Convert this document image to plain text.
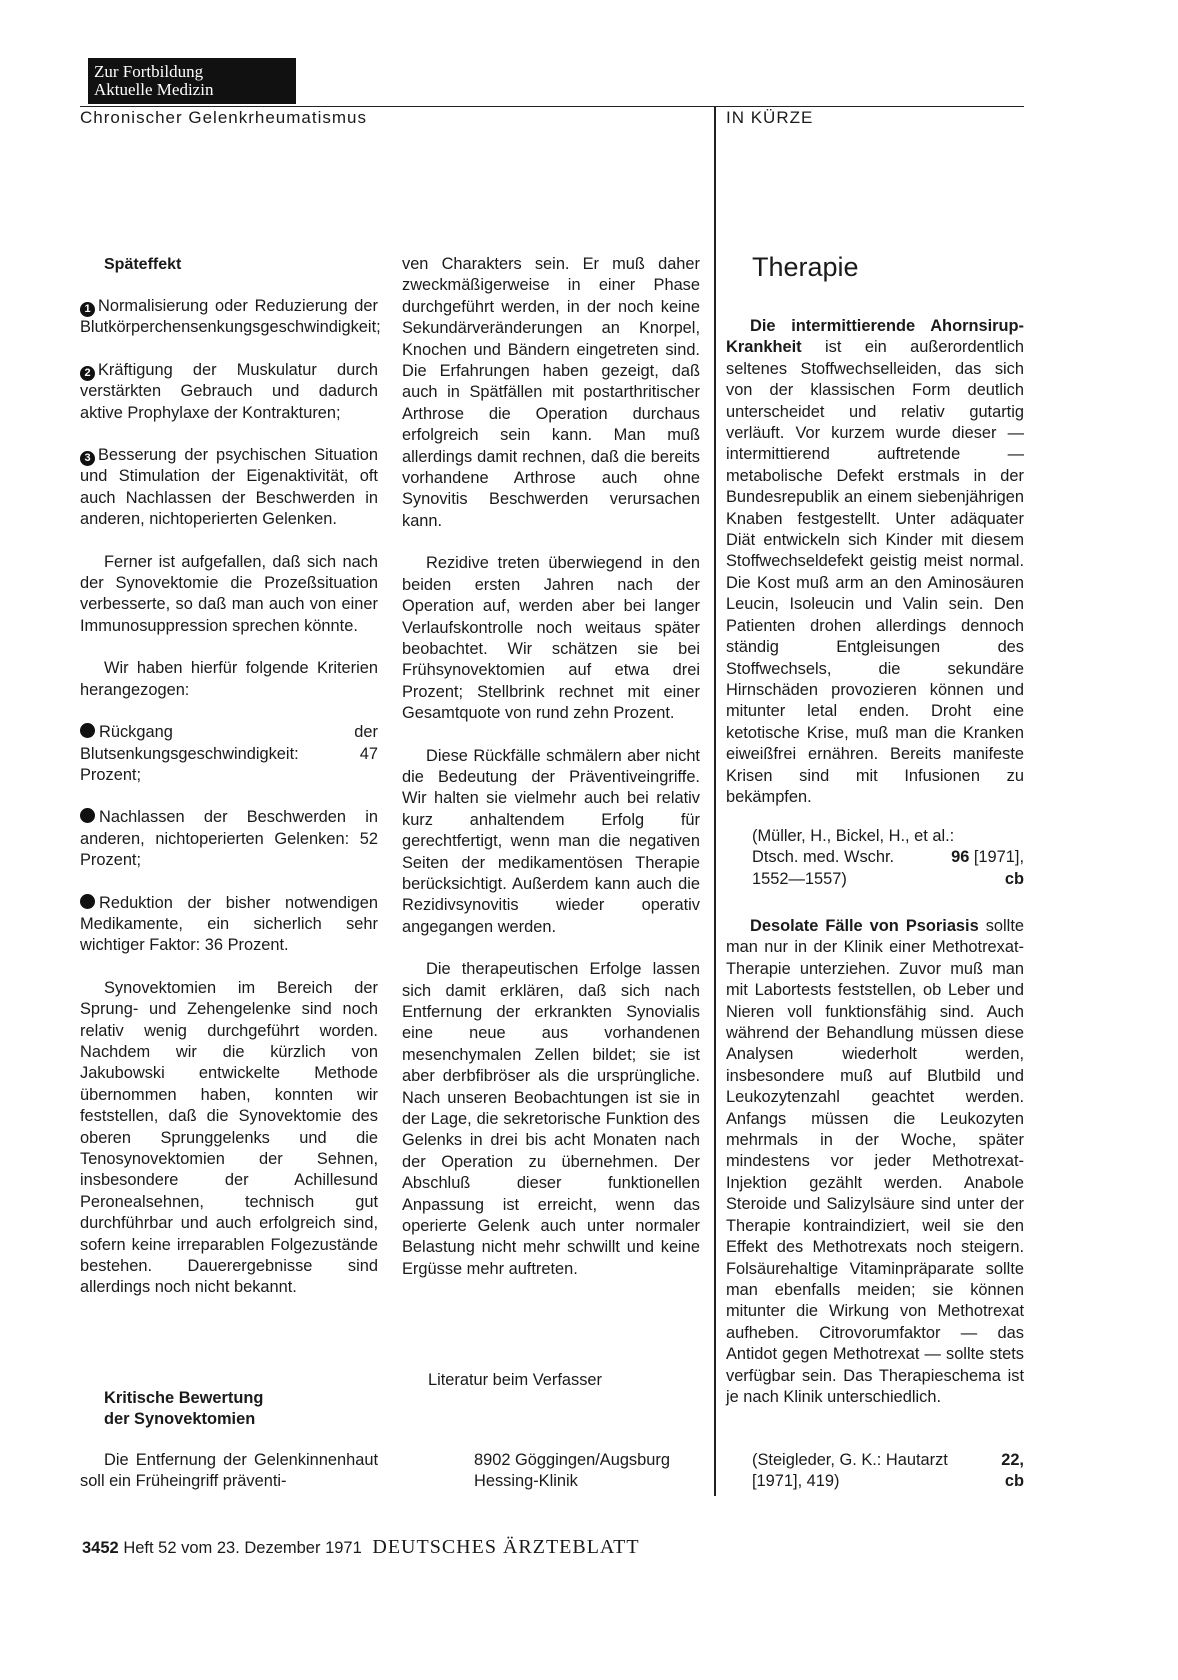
Zur Fortbildung
Aktuelle Medizin
Chronischer Gelenkrheumatismus	IN KÜRZE
Späteffekt

1 Normalisierung oder Reduzierung der Blutkörperchensenkungsgeschwindigkeit;

2 Kräftigung der Muskulatur durch verstärkten Gebrauch und dadurch aktive Prophylaxe der Kontrakturen;

3 Besserung der psychischen Situation und Stimulation der Eigenaktivität, oft auch Nachlassen der Beschwerden in anderen, nichtoperierten Gelenken.

Ferner ist aufgefallen, daß sich nach der Synovektomie die Prozeßsituation verbesserte, so daß man auch von einer Immunosuppression sprechen könnte.

Wir haben hierfür folgende Kriterien herangezogen:

Rückgang der Blutsenkungsgeschwindigkeit: 47 Prozent;

Nachlassen der Beschwerden in anderen, nichtoperierten Gelenken: 52 Prozent;

Reduktion der bisher notwendigen Medikamente, ein sicherlich sehr wichtiger Faktor: 36 Prozent.

Synovektomien im Bereich der Sprung- und Zehengelenke sind noch relativ wenig durchgeführt worden. Nachdem wir die kürzlich von Jakubowski entwickelte Methode übernommen haben, konnten wir feststellen, daß die Synovektomie des oberen Sprunggelenks und die Tenosynovektomien der Sehnen, insbesondere der Achillesund Peronealsehnen, technisch gut durchführbar und auch erfolgreich sind, sofern keine irreparablen Folgezustände bestehen. Dauerergebnisse sind allerdings noch nicht bekannt.

Kritische Bewertung
der Synovektomien

Die Entfernung der Gelenkinnenhaut soll ein Früheingriff präventi-

ven Charakters sein. Er muß daher zweckmäßigerweise in einer Phase durchgeführt werden, in der noch keine Sekundärveränderungen an Knorpel, Knochen und Bändern eingetreten sind. Die Erfahrungen haben gezeigt, daß auch in Spätfällen mit postarthritischer Arthrose die Operation durchaus erfolgreich sein kann. Man muß allerdings damit rechnen, daß die bereits vorhandene Arthrose auch ohne Synovitis Beschwerden verursachen kann.

Rezidive treten überwiegend in den beiden ersten Jahren nach der Operation auf, werden aber bei langer Verlaufskontrolle noch weitaus später beobachtet. Wir schätzen sie bei Frühsynovektomien auf etwa drei Prozent; Stellbrink rechnet mit einer Gesamtquote von rund zehn Prozent.

Diese Rückfälle schmälern aber nicht die Bedeutung der Präventiveingriffe. Wir halten sie vielmehr auch bei relativ kurz anhaltendem Erfolg für gerechtfertigt, wenn man die negativen Seiten der medikamentösen Therapie berücksichtigt. Außerdem kann auch die Rezidivsynovitis wieder operativ angegangen werden.

Die therapeutischen Erfolge lassen sich damit erklären, daß sich nach Entfernung der erkrankten Synovialis eine neue aus vorhandenen mesenchymalen Zellen bildet; sie ist aber derbfibröser als die ursprüngliche. Nach unseren Beobachtungen ist sie in der Lage, die sekretorische Funktion des Gelenks in drei bis acht Monaten nach der Operation zu übernehmen. Der Abschluß dieser funktionellen Anpassung ist erreicht, wenn das operierte Gelenk auch unter normaler Belastung nicht mehr schwillt und keine Ergüsse mehr auftreten.

Literatur beim Verfasser
8902 Göggingen/Augsburg
Hessing-Klinik
Therapie

Die intermittierende Ahornsirup-Krankheit ist ein außerordentlich seltenes Stoffwechselleiden, das sich von der klassischen Form deutlich unterscheidet und relativ gutartig verläuft. Vor kurzem wurde dieser — intermittierend auftretende — metabolische Defekt erstmals in der Bundesrepublik an einem siebenjährigen Knaben festgestellt. Unter adäquater Diät entwickeln sich Kinder mit diesem Stoffwechseldefekt geistig meist normal. Die Kost muß arm an den Aminosäuren Leucin, Isoleucin und Valin sein. Den Patienten drohen allerdings dennoch ständig Entgleisungen des Stoffwechsels, die sekundäre Hirnschäden provozieren können und mitunter letal enden. Droht eine ketotische Krise, muß man die Kranken eiweißfrei ernähren. Bereits manifeste Krisen sind mit Infusionen zu bekämpfen.

(Müller, H., Bickel, H., et al.:
Dtsch. med. Wschr.	96 [1971],
1552—1557)	cb

Desolate Fälle von Psoriasis sollte man nur in der Klinik einer Methotrexat-Therapie unterziehen. Zuvor muß man mit Labortests feststellen, ob Leber und Nieren voll funktionsfähig sind. Auch während der Behandlung müssen diese Analysen wiederholt werden, insbesondere muß auf Blutbild und Leukozytenzahl geachtet werden. Anfangs müssen die Leukozyten mehrmals in der Woche, später mindestens vor jeder Methotrexat-Injektion gezählt werden. Anabole Steroide und Salizylsäure sind unter der Therapie kontraindiziert, weil sie den Effekt des Methotrexats noch steigern. Folsäurehaltige Vitaminpräparate sollte man ebenfalls meiden; sie können mitunter die Wirkung von Methotrexat aufheben. Citrovorumfaktor — das Antidot gegen Methotrexat — sollte stets verfügbar sein. Das Therapieschema ist je nach Klinik unterschiedlich.

(Steigleder, G. K.: Hautarzt	22,
[1971], 419)	cb
3452 Heft 52 vom 23. Dezember 1971 DEUTSCHES ÄRZTEBLATT
